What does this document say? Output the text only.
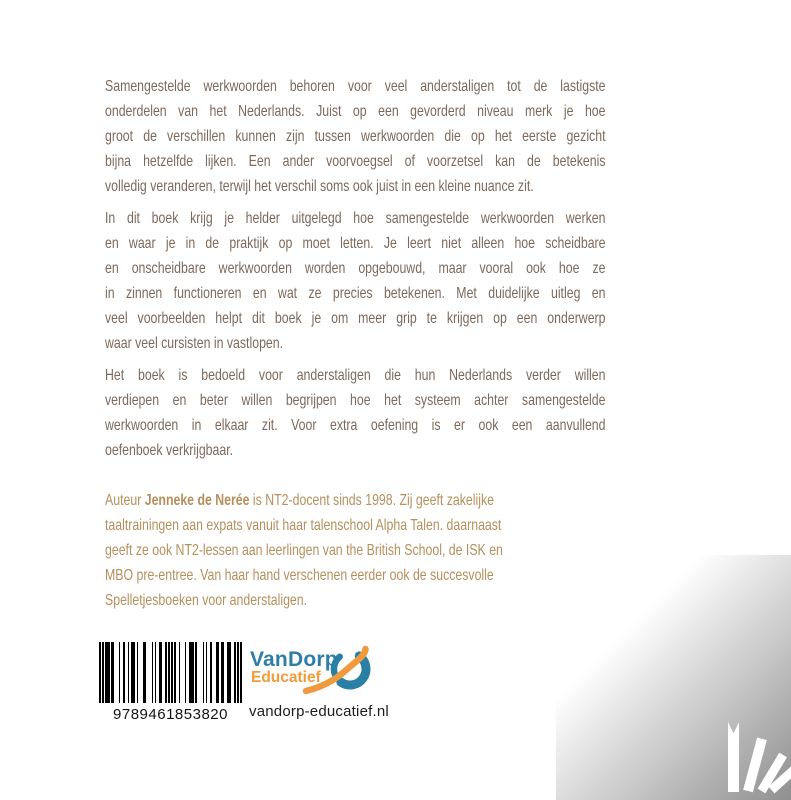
Samengestelde werkwoorden behoren voor veel anderstaligen tot de lastigste
onderdelen van het Nederlands. Juist op een gevorderd niveau merk je hoe
groot de verschillen kunnen zijn tussen werkwoorden die op het eerste gezicht
bijna hetzelfde lijken. Een ander voorvoegsel of voorzetsel kan de betekenis
volledig veranderen, terwijl het verschil soms ook juist in een kleine nuance zit.
In dit boek krijg je helder uitgelegd hoe samengestelde werkwoorden werken
en waar je in de praktijk op moet letten. Je leert niet alleen hoe scheidbare
en onscheidbare werkwoorden worden opgebouwd, maar vooral ook hoe ze
in zinnen functioneren en wat ze precies betekenen. Met duidelijke uitleg en
veel voorbeelden helpt dit boek je om meer grip te krijgen op een onderwerp
waar veel cursisten in vastlopen.
Het boek is bedoeld voor anderstaligen die hun Nederlands verder willen
verdiepen en beter willen begrijpen hoe het systeem achter samengestelde
werkwoorden in elkaar zit. Voor extra oefening is er ook een aanvullend
oefenboek verkrijgbaar.
Auteur Jenneke de Nerée is NT2-docent sinds 1998. Zij geeft zakelijke
taaltrainingen aan expats vanuit haar talenschool Alpha Talen. daarnaast
geeft ze ook NT2-lessen aan leerlingen van the British School, de ISK en
MBO pre-entree. Van haar hand verschenen eerder ook de succesvolle
Spelletjesboeken voor anderstaligen.
9789461853820
VanDorp
Educatief
vandorp-educatief.nl
